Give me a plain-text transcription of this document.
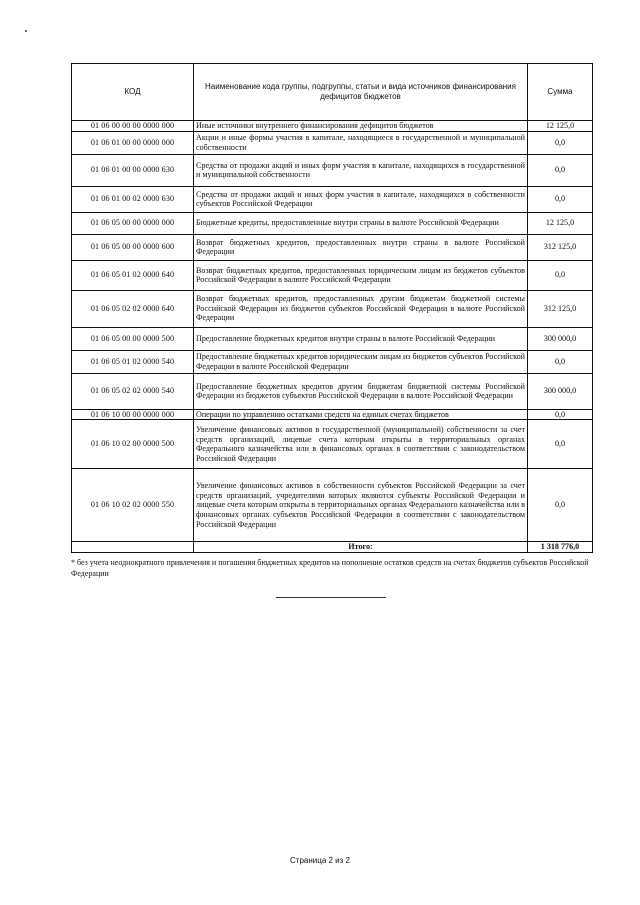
КОД	Наименование кода группы, подгруппы, статьи и вида источников финансирования дефицитов бюджетов	Сумма
01 06 00 00 00 0000 000	Иные источники внутреннего финансирования дефицитов бюджетов	12 125,0
01 06 01 00 00 0000 000	Акции и иные формы участия в капитале, находящиеся в государственной и муниципальной собственности	0,0
01 06 01 00 00 0000 630	Средства от продажи акций и иных форм участия в капитале, находящихся в государственной и муниципальной собственности	0,0
01 06 01 00 02 0000 630	Средства от продажи акций и иных форм участия в капитале, находящихся в собственности субъектов Российской Федерации	0,0
01 06 05 00 00 0000 000	Бюджетные кредиты, предоставленные внутри страны в валюте Российской Федерации	12 125,0
01 06 05 00 00 0000 600	Возврат бюджетных кредитов, предоставленных внутри страны в валюте Российской Федерации	312 125,0
01 06 05 01 02 0000 640	Возврат бюджетных кредитов, предоставленных юридическим лицам из бюджетов субъектов Российской Федерации в валюте Российской Федерации	0,0
01 06 05 02 02 0000 640	Возврат бюджетных кредитов, предоставленных другим бюджетам бюджетной системы Российской Федерации из бюджетов субъектов Российской Федерации в валюте Российской Федерации	312 125,0
01 06 05 00 00 0000 500	Предоставление бюджетных кредитов внутри страны в валюте Российской Федерации	300 000,0
01 06 05 01 02 0000 540	Предоставление бюджетных кредитов юридическим лицам из бюджетов субъектов Российской Федерации в валюте Российской Федерации	0,0
01 06 05 02 02 0000 540	Предоставление бюджетных кредитов другим бюджетам бюджетной системы Российской Федерации из бюджетов субъектов Российской Федерации в валюте Российской Федерации	300 000,0
01 06 10 00 00 0000 000	Операции по управлению остатками средств на единых счетах бюджетов	0,0
01 06 10 02 00 0000 500	Увеличение финансовых активов в государственной (муниципальной) собственности за счет средств организаций, лицевые счета которым открыты в территориальных органах Федерального казначейства или в финансовых органах в соответствии с законодательством Российской Федерации	0,0
01 06 10 02 02 0000 550	Увеличение финансовых активов в собственности субъектов Российской Федерации за счет средств организаций, учредителями которых являются субъекты Российской Федерации и лицевые счета которым открыты в территориальных органах Федерального казначейства или в финансовых органах субъектов Российской Федерации в соответствии с законодательством Российской Федерации	0,0
	Итого:	1 318 776,0
* без учета неоднократного привлечения и погашения бюджетных кредитов на пополнение остатков средств на счетах бюджетов субъектов Российской Федерации
Страница 2 из 2
